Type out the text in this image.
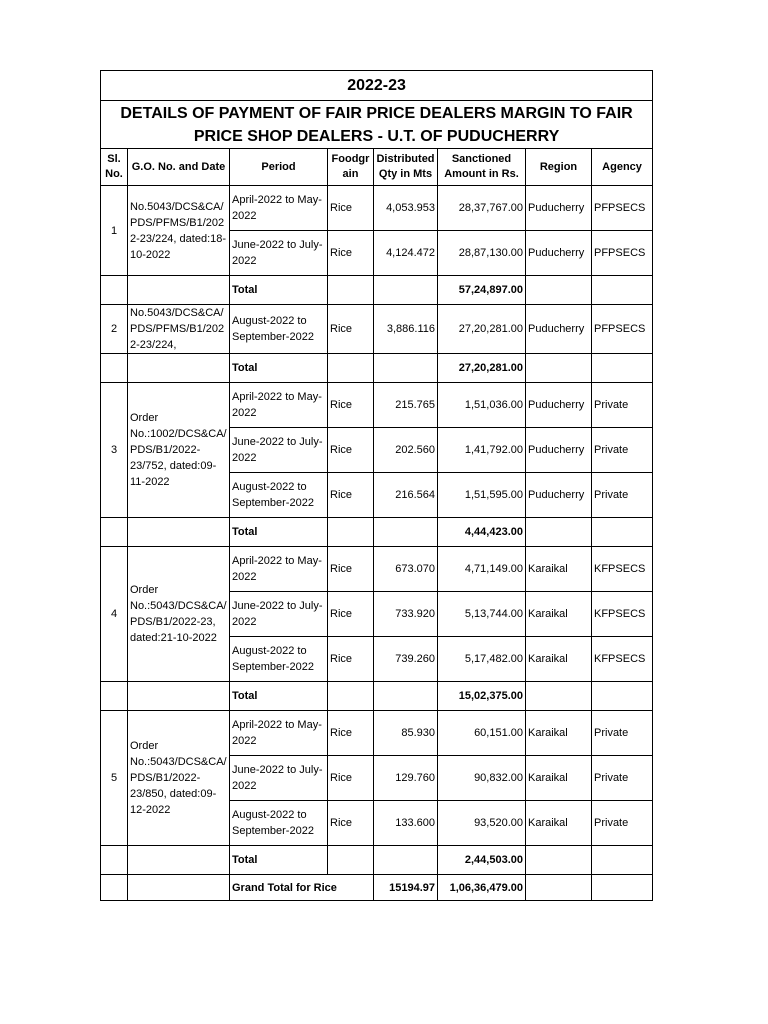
2022-23							
DETAILS OF PAYMENT OF FAIR PRICE DEALERS MARGIN TO FAIR PRICE SHOP DEALERS - U.T. OF PUDUCHERRY							
Sl. No.	G.O. No. and Date	Period	Foodgr ain	Distributed Qty in Mts	Sanctioned Amount in Rs.	Region	Agency
1	No.5043/DCS&CA/ PDS/PFMS/B1/202 2-23/224, dated:18-10-2022	April-2022 to May-2022	Rice	4,053.953	28,37,767.00	Puducherry	PFPSECS
		June-2022 to July-2022	Rice	4,124.472	28,87,130.00	Puducherry	PFPSECS
		Total			57,24,897.00		
2	No.5043/DCS&CA/ PDS/PFMS/B1/202 2-23/224,	August-2022 to September-2022	Rice	3,886.116	27,20,281.00	Puducherry	PFPSECS
		Total			27,20,281.00		
3	Order No.:1002/DCS&CA/ PDS/B1/2022-23/752, dated:09-11-2022	April-2022 to May-2022	Rice	215.765	1,51,036.00	Puducherry	Private
		June-2022 to July-2022	Rice	202.560	1,41,792.00	Puducherry	Private
		August-2022 to September-2022	Rice	216.564	1,51,595.00	Puducherry	Private
		Total			4,44,423.00		
4	Order No.:5043/DCS&CA/ PDS/B1/2022-23, dated:21-10-2022	April-2022 to May-2022	Rice	673.070	4,71,149.00	Karaikal	KFPSECS
		June-2022 to July-2022	Rice	733.920	5,13,744.00	Karaikal	KFPSECS
		August-2022 to September-2022	Rice	739.260	5,17,482.00	Karaikal	KFPSECS
		Total			15,02,375.00		
5	Order No.:5043/DCS&CA/ PDS/B1/2022-23/850, dated:09-12-2022	April-2022 to May-2022	Rice	85.930	60,151.00	Karaikal	Private
		June-2022 to July-2022	Rice	129.760	90,832.00	Karaikal	Private
		August-2022 to September-2022	Rice	133.600	93,520.00	Karaikal	Private
		Total			2,44,503.00		
		Grand Total for Rice		15194.97	1,06,36,479.00		
